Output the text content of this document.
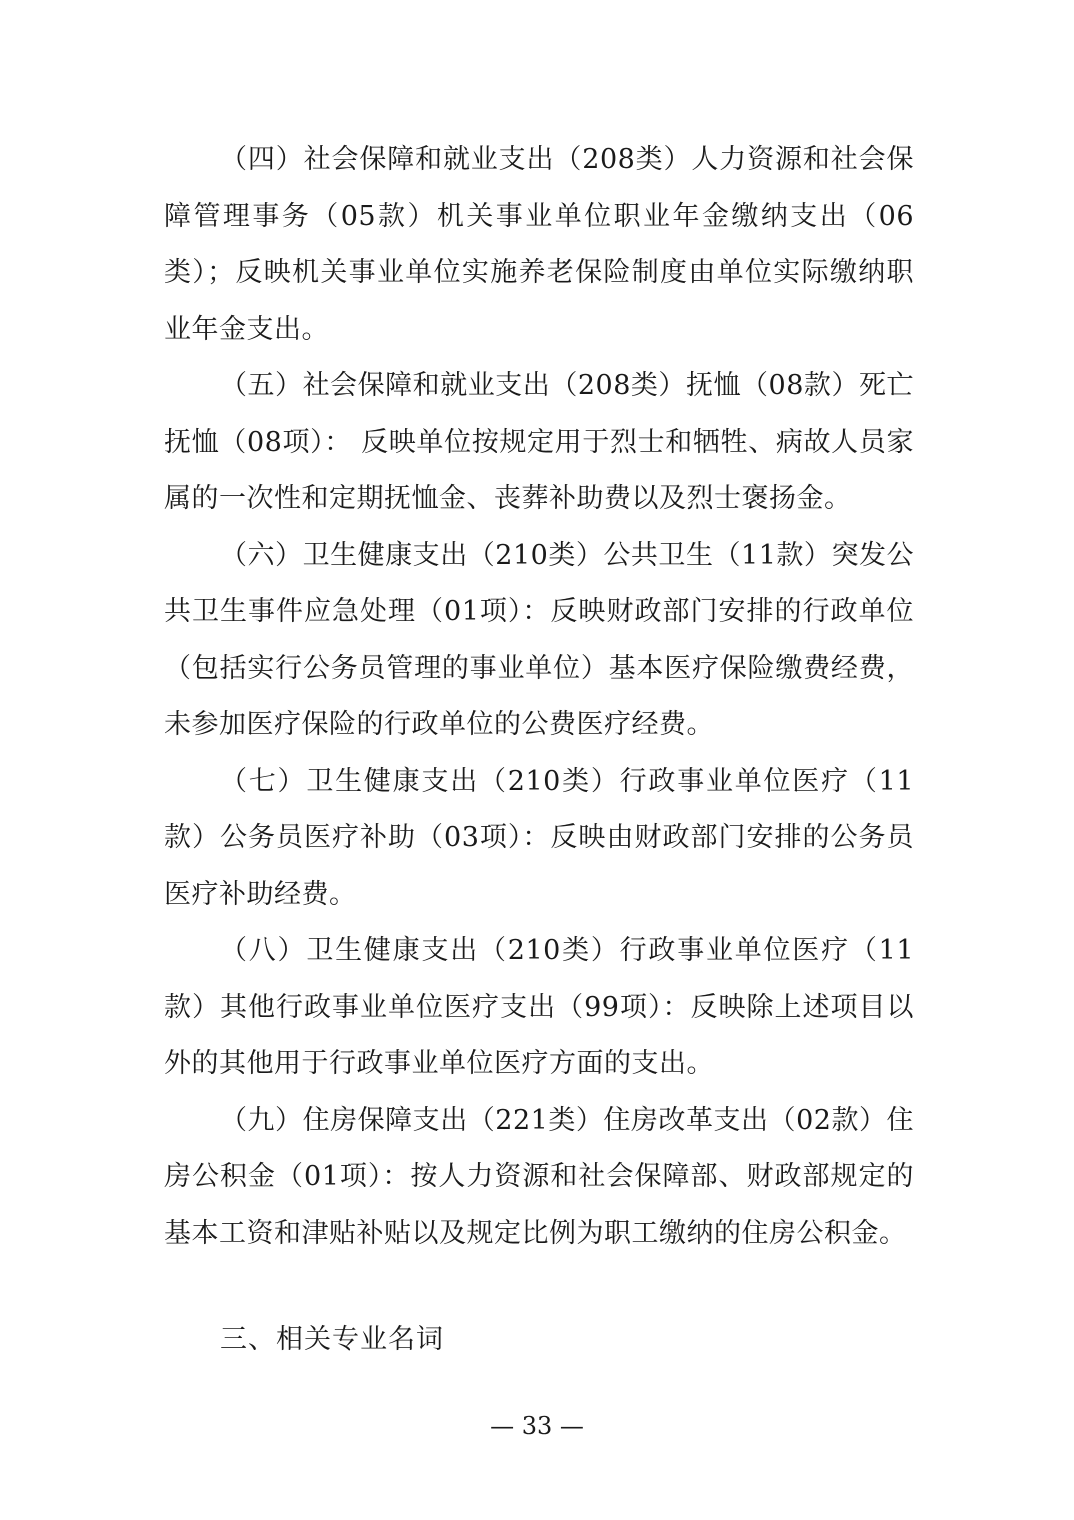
（四）社会保障和就业支出（208类）人力资源和社会保障管理事务（05款）机关事业单位职业年金缴纳支出（06类）；反映机关事业单位实施养老保险制度由单位实际缴纳职业年金支出。

（五）社会保障和就业支出（208类）抚恤（08款）死亡抚恤（08项）： 反映单位按规定用于烈士和牺牲、病故人员家属的一次性和定期抚恤金、丧葬补助费以及烈士褒扬金。

（六）卫生健康支出（210类）公共卫生（11款）突发公共卫生事件应急处理（01项）：反映财政部门安排的行政单位（包括实行公务员管理的事业单位）基本医疗保险缴费经费，未参加医疗保险的行政单位的公费医疗经费。

（七）卫生健康支出（210类）行政事业单位医疗（11款）公务员医疗补助（03项）：反映由财政部门安排的公务员医疗补助经费。

（八）卫生健康支出（210类）行政事业单位医疗（11款）其他行政事业单位医疗支出（99项）：反映除上述项目以外的其他用于行政事业单位医疗方面的支出。

（九）住房保障支出（221类）住房改革支出（02款）住房公积金（01项）：按人力资源和社会保障部、财政部规定的基本工资和津贴补贴以及规定比例为职工缴纳的住房公积金。

三、相关专业名词
— 33 —
